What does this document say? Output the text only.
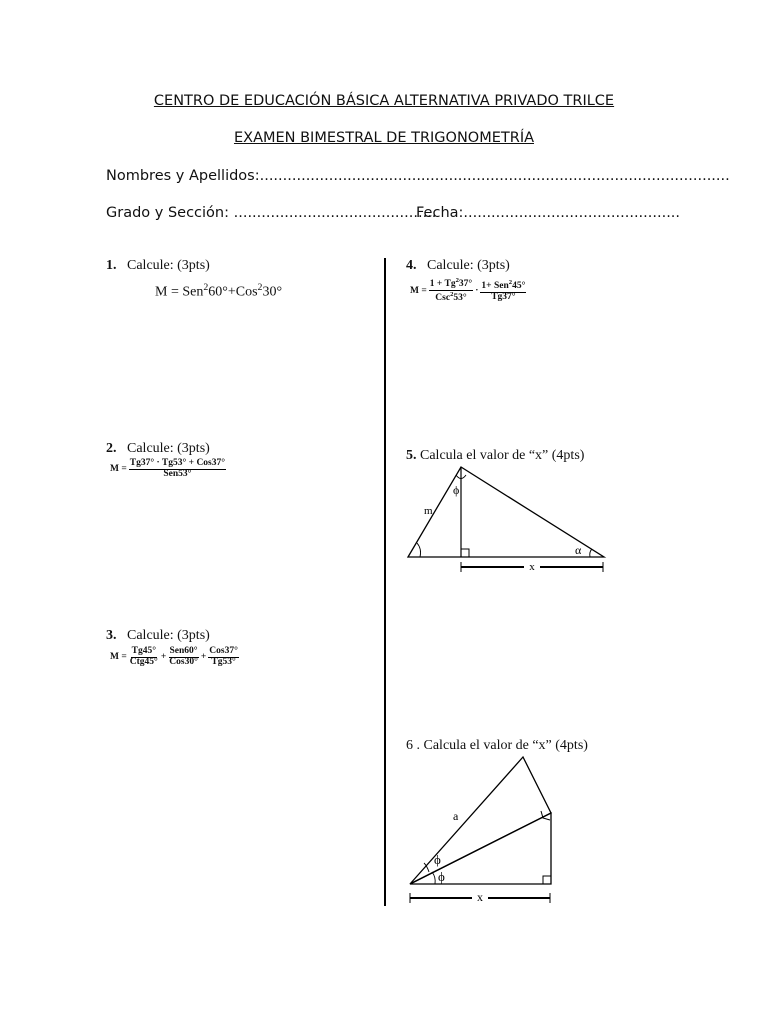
CENTRO DE EDUCACIÓN BÁSICA ALTERNATIVA PRIVADO TRILCE
EXAMEN BIMESTRAL DE TRIGONOMETRÍA
Nombres y Apellidos:......................................................................................................
Grado y Sección: ............................................
Fecha:...............................................
1. Calcule: (3pts)
M = Sen$^2$60°+Cos$^2$30°
2. Calcule: (3pts)
$M = \frac{\text{Tg37° · Tg53° + Cos37°}}{\text{Sen53°}}$
3. Calcule: (3pts)
$M = \frac{Tg45^\circ}{\text{Ctg45°}} + \frac{\text{Sen60°}}{\text{Cos30°}} + \frac{\text{Cos37°}}{Tg53^\circ}$
4. Calcule: (3pts)
$M = \frac{1 + Tg^237^\circ}{Csc^253^\circ} \cdot \frac{1+ Sen^245^\circ}{Tg37^\circ}$
5. Calcula el valor de “x” (4pts)
x
m
ϕ
α
6 . Calcula el valor de “x” (4pts)
x
a
ϕ
ϕ
